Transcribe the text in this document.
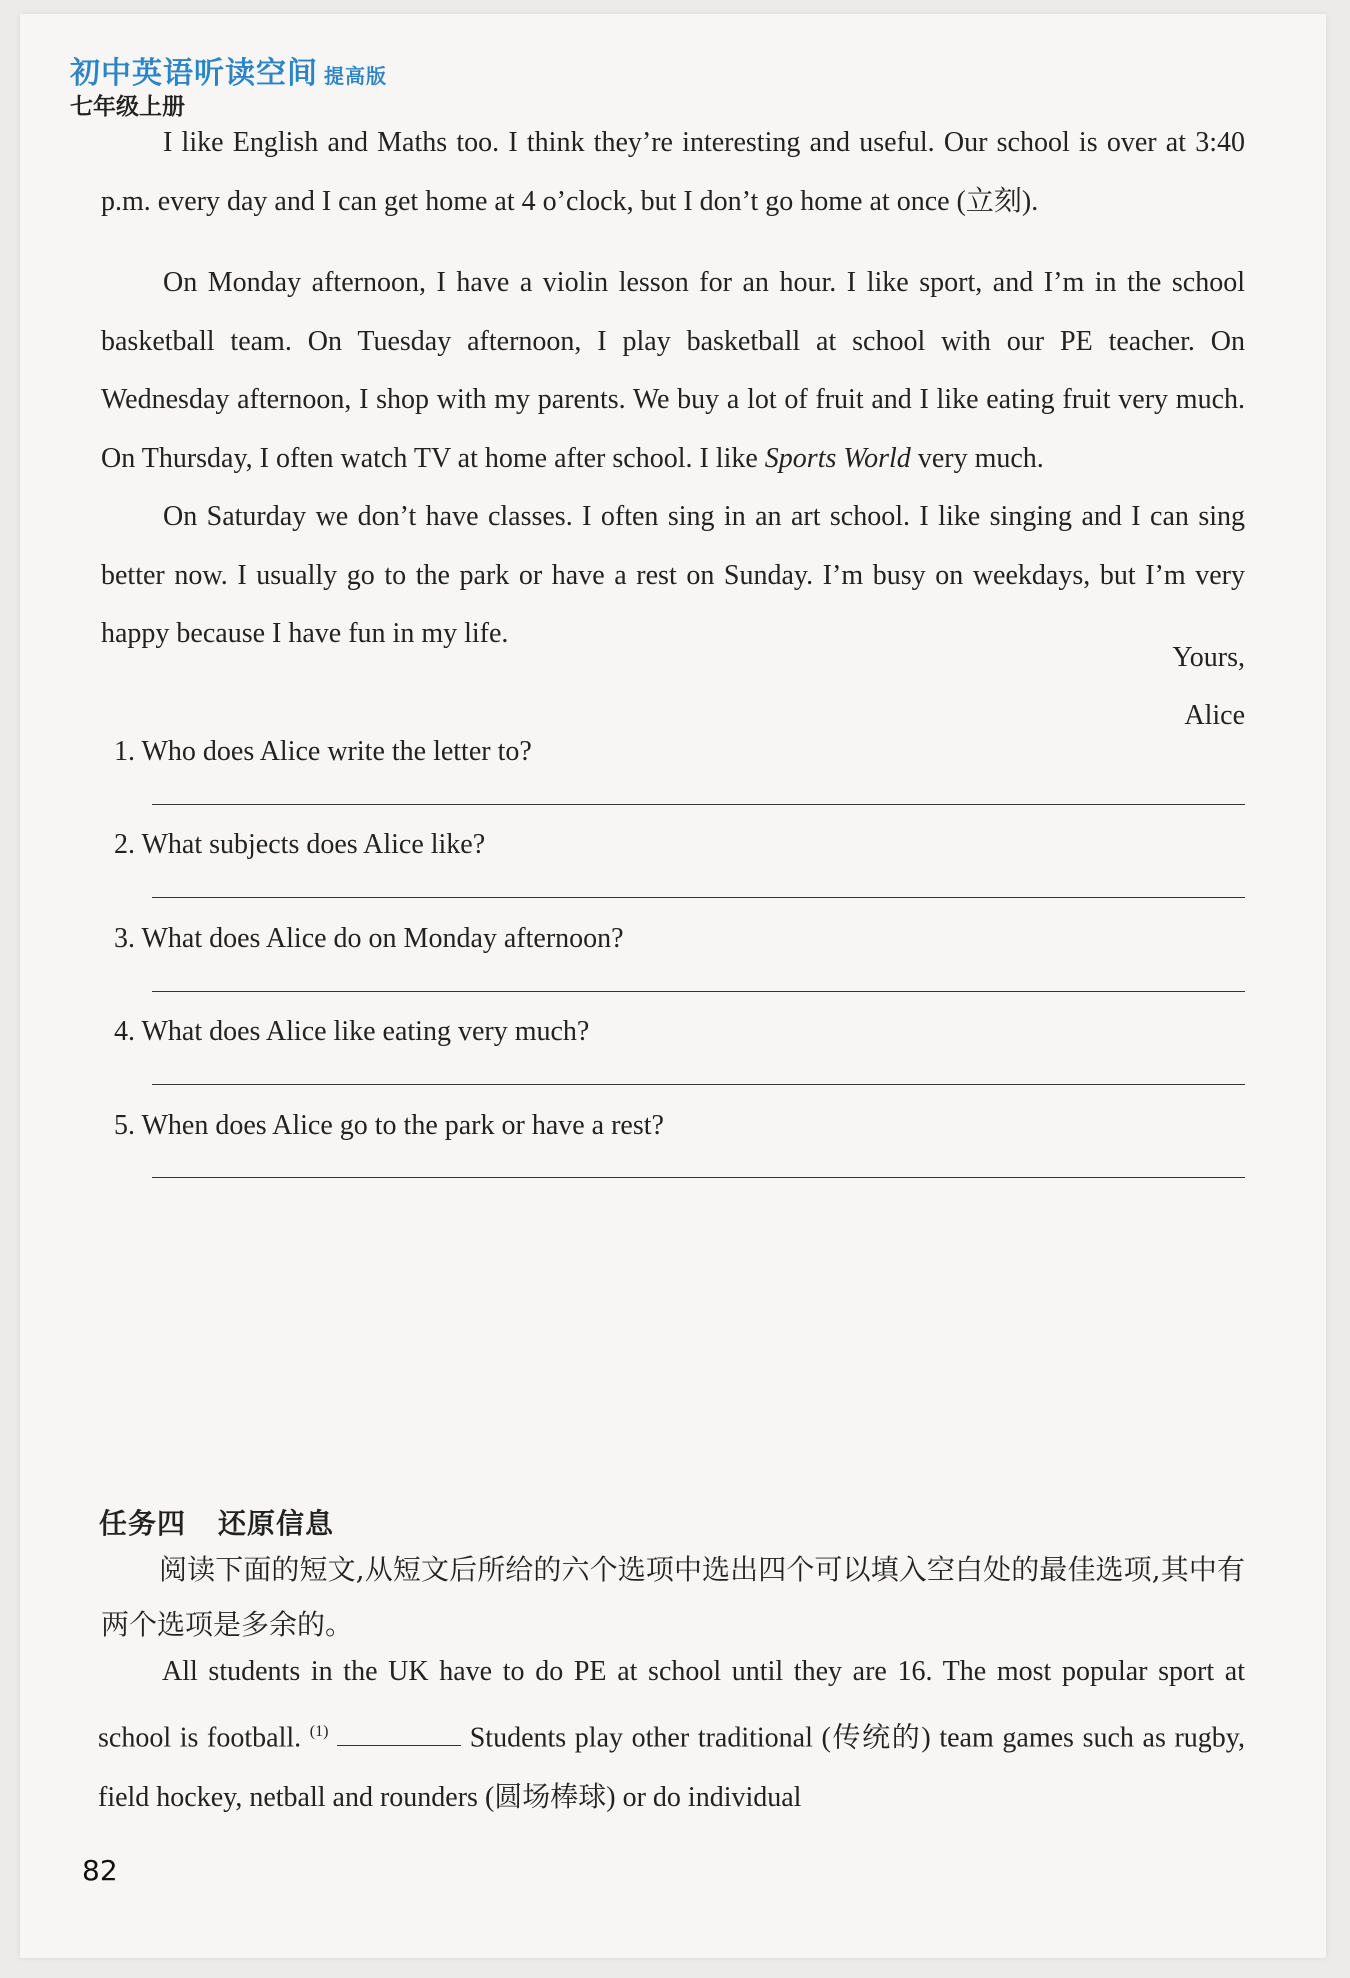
初中英语听读空间 提高版
七年级上册

I like English and Maths too. I think they’re interesting and useful. Our school is over at 3:40 p.m. every day and I can get home at 4 o’clock, but I don’t go home at once (立刻).

On Monday afternoon, I have a violin lesson for an hour. I like sport, and I’m in the school basketball team. On Tuesday afternoon, I play basketball at school with our PE teacher. On Wednesday afternoon, I shop with my parents. We buy a lot of fruit and I like eating fruit very much. On Thursday, I often watch TV at home after school. I like Sports World very much.

On Saturday we don’t have classes. I often sing in an art school. I like singing and I can sing better now. I usually go to the park or have a rest on Sunday. I’m busy on weekdays, but I’m very happy because I have fun in my life.

Yours,
Alice
1. Who does Alice write the letter to?
2. What subjects does Alice like?
3. What does Alice do on Monday afternoon?
4. What does Alice like eating very much?
5. When does Alice go to the park or have a rest?
任务四 还原信息

阅读下面的短文,从短文后所给的六个选项中选出四个可以填入空白处的最佳选项,其中有两个选项是多余的。

All students in the UK have to do PE at school until they are 16. The most popular sport at school is football. $^{(1)}$	Students play other traditional (传统的) team games such as rugby, field hockey, netball and rounders (圆场棒球) or do individual

82
